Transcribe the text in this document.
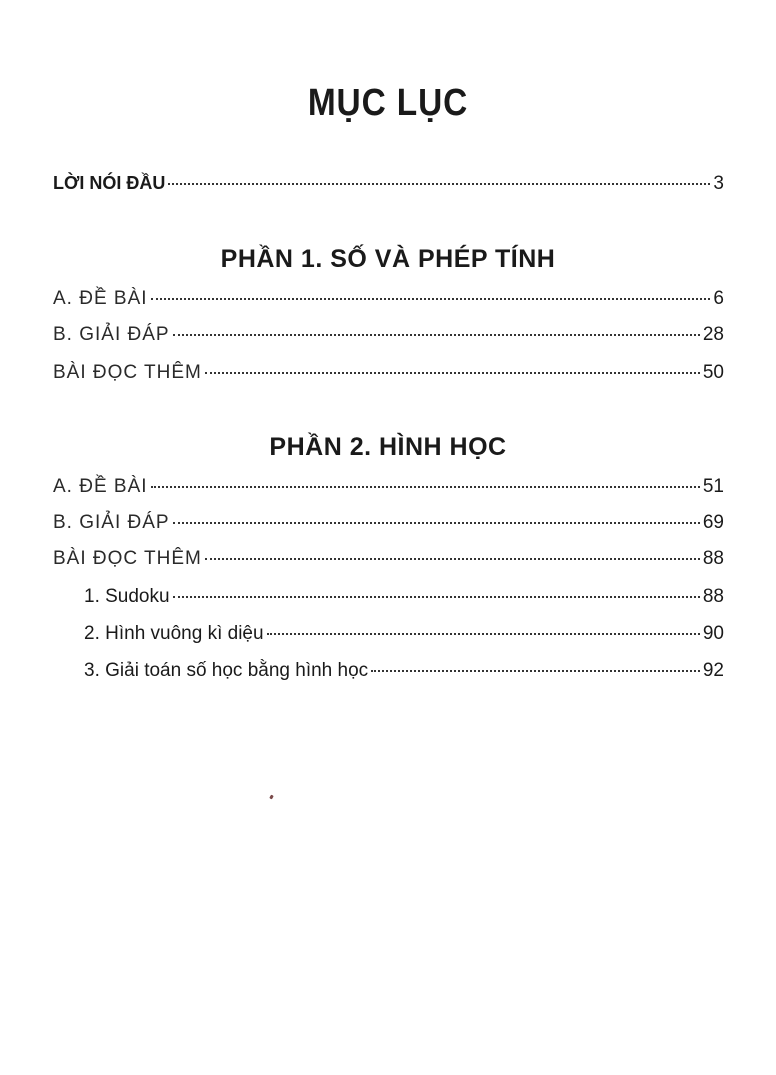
MỤC LỤC
LỜI NÓI ĐẦU	3
PHẦN 1. SỐ VÀ PHÉP TÍNH
A. ĐỀ BÀI	6
B. GIẢI ĐÁP	28
BÀI ĐỌC THÊM	50
PHẦN 2. HÌNH HỌC
A. ĐỀ BÀI	51
B. GIẢI ĐÁP	69
BÀI ĐỌC THÊM	88
1. Sudoku	88
2. Hình vuông kì diệu	90
3. Giải toán số học bằng hình học	92
